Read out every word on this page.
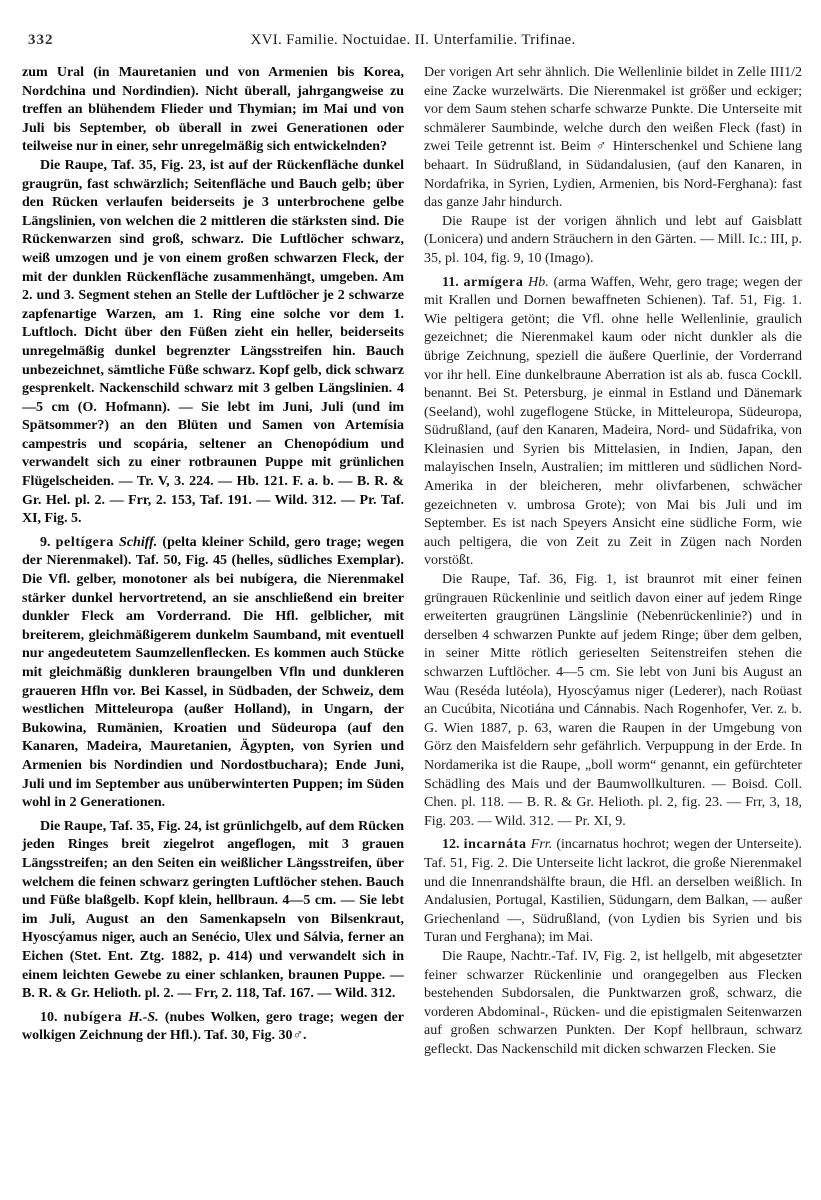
332	XVI. Familie. Noctuidae. II. Unterfamilie. Trifinae.

zum Ural (in Mauretanien und von Armenien bis Korea, Nordchina und Nordindien). Nicht überall, jahrgangweise zu treffen an blühendem Flieder und Thymian; im Mai und von Juli bis September, ob überall in zwei Generationen oder teilweise nur in einer, sehr unregelmäßig sich entwickelnden?

Die Raupe, Taf. 35, Fig. 23, ist auf der Rückenfläche dunkel graugrün, fast schwärzlich; Seitenfläche und Bauch gelb; über den Rücken verlaufen beiderseits je 3 unterbrochene gelbe Längslinien, von welchen die 2 mittleren die stärksten sind. Die Rückenwarzen sind groß, schwarz. Die Luftlöcher schwarz, weiß umzogen und je von einem großen schwarzen Fleck, der mit der dunklen Rückenfläche zusammenhängt, umgeben. Am 2. und 3. Segment stehen an Stelle der Luftlöcher je 2 schwarze zapfenartige Warzen, am 1. Ring eine solche vor dem 1. Luftloch. Dicht über den Füßen zieht ein heller, beiderseits unregelmäßig dunkel begrenzter Längsstreifen hin. Bauch unbezeichnet, sämtliche Füße schwarz. Kopf gelb, dick schwarz gesprenkelt. Nackenschild schwarz mit 3 gelben Längslinien. 4—5 cm (O. Hofmann). — Sie lebt im Juni, Juli (und im Spätsommer?) an den Blüten und Samen von Artemísia campestris und scopária, seltener an Chenopódium und verwandelt sich zu einer rotbraunen Puppe mit grünlichen Flügelscheiden. — Tr. V, 3. 224. — Hb. 121. F. a. b. — B. R. & Gr. Hel. pl. 2. — Frr, 2. 153, Taf. 191. — Wild. 312. — Pr. Taf. XI, Fig. 5.

9. peltígera Schiff. (pelta kleiner Schild, gero trage; wegen der Nierenmakel). Taf. 50, Fig. 45 (helles, südliches Exemplar). Die Vfl. gelber, monotoner als bei nubígera, die Nierenmakel stärker dunkel hervortretend, an sie anschließend ein breiter dunkler Fleck am Vorderrand. Die Hfl. gelblicher, mit breiterem, gleichmäßigerem dunkelm Saumband, mit eventuell nur angedeutetem Saumzellenflecken. Es kommen auch Stücke mit gleichmäßig dunkleren braungelben Vfln und dunkleren graueren Hfln vor. Bei Kassel, in Südbaden, der Schweiz, dem westlichen Mitteleuropa (außer Holland), in Ungarn, der Bukowina, Rumänien, Kroatien und Südeuropa (auf den Kanaren, Madeira, Mauretanien, Ägypten, von Syrien und Armenien bis Nordindien und Nordostbuchara); Ende Juni, Juli und im September aus unüberwinterten Puppen; im Süden wohl in 2 Generationen.

Die Raupe, Taf. 35, Fig. 24, ist grünlichgelb, auf dem Rücken jeden Ringes breit ziegelrot angeflogen, mit 3 grauen Längsstreifen; an den Seiten ein weißlicher Längsstreifen, über welchem die feinen schwarz geringten Luftlöcher stehen. Bauch und Füße blaßgelb. Kopf klein, hellbraun. 4—5 cm. — Sie lebt im Juli, August an den Samenkapseln von Bilsenkraut, Hyoscýamus niger, auch an Senécio, Ulex und Sálvia, ferner an Eichen (Stet. Ent. Ztg. 1882, p. 414) und verwandelt sich in einem leichten Gewebe zu einer schlanken, braunen Puppe. — B. R. & Gr. Helioth. pl. 2. — Frr, 2. 118, Taf. 167. — Wild. 312.

10. nubígera H.-S. (nubes Wolken, gero trage; wegen der wolkigen Zeichnung der Hfl.). Taf. 30, Fig. 30♂.

Der vorigen Art sehr ähnlich. Die Wellenlinie bildet in Zelle III1/2 eine Zacke wurzelwärts. Die Nierenmakel ist größer und eckiger; vor dem Saum stehen scharfe schwarze Punkte. Die Unterseite mit schmälerer Saumbinde, welche durch den weißen Fleck (fast) in zwei Teile getrennt ist. Beim ♂ Hinterschenkel und Schiene lang behaart. In Südrußland, in Südandalusien, (auf den Kanaren, in Nordafrika, in Syrien, Lydien, Armenien, bis Nord-Ferghana): fast das ganze Jahr hindurch.

Die Raupe ist der vorigen ähnlich und lebt auf Gaisblatt (Lonicera) und andern Sträuchern in den Gärten. — Mill. Ic.: III, p. 35, pl. 104, fig. 9, 10 (Imago).

11. armígera Hb. (arma Waffen, Wehr, gero trage; wegen der mit Krallen und Dornen bewaffneten Schienen). Taf. 51, Fig. 1. Wie peltigera getönt; die Vfl. ohne helle Wellenlinie, graulich gezeichnet; die Nierenmakel kaum oder nicht dunkler als die übrige Zeichnung, speziell die äußere Querlinie, der Vorderrand vor ihr hell. Eine dunkelbraune Aberration ist als ab. fusca Cockll. benannt. Bei St. Petersburg, je einmal in Estland und Dänemark (Seeland), wohl zugeflogene Stücke, in Mitteleuropa, Südeuropa, Südrußland, (auf den Kanaren, Madeira, Nord- und Südafrika, von Kleinasien und Syrien bis Mittelasien, in Indien, Japan, den malayischen Inseln, Australien; im mittleren und südlichen Nord-Amerika in der bleicheren, mehr olivfarbenen, schwächer gezeichneten v. umbrosa Grote); von Mai bis Juli und im September. Es ist nach Speyers Ansicht eine südliche Form, wie auch peltigera, die von Zeit zu Zeit in Zügen nach Norden vorstößt.

Die Raupe, Taf. 36, Fig. 1, ist braunrot mit einer feinen grüngrauen Rückenlinie und seitlich davon einer auf jedem Ringe erweiterten graugrünen Längslinie (Nebenrückenlinie?) und in derselben 4 schwarzen Punkte auf jedem Ringe; über dem gelben, in seiner Mitte rötlich gerieselten Seitenstreifen stehen die schwarzen Luftlöcher. 4—5 cm. Sie lebt von Juni bis August an Wau (Reséda lutéola), Hyoscýamus niger (Lederer), nach Roüast an Cucúbita, Nicotiána und Cánnabis. Nach Rogenhofer, Ver. z. b. G. Wien 1887, p. 63, waren die Raupen in der Umgebung von Görz den Maisfeldern sehr gefährlich. Verpuppung in der Erde. In Nordamerika ist die Raupe, „boll worm“ genannt, ein gefürchteter Schädling des Mais und der Baumwollkulturen. — Boisd. Coll. Chen. pl. 118. — B. R. & Gr. Helioth. pl. 2, fig. 23. — Frr, 3, 18, Fig. 203. — Wild. 312. — Pr. XI, 9.

12. incarnáta Frr. (incarnatus hochrot; wegen der Unterseite). Taf. 51, Fig. 2. Die Unterseite licht lackrot, die große Nierenmakel und die Innenrandshälfte braun, die Hfl. an derselben weißlich. In Andalusien, Portugal, Kastilien, Südungarn, dem Balkan, — außer Griechenland —, Südrußland, (von Lydien bis Syrien und bis Turan und Ferghana); im Mai.

Die Raupe, Nachtr.-Taf. IV, Fig. 2, ist hellgelb, mit abgesetzter feiner schwarzer Rückenlinie und orangegelben aus Flecken bestehenden Subdorsalen, die Punktwarzen groß, schwarz, die vorderen Abdominal-, Rücken- und die epistigmalen Seitenwarzen auf großen schwarzen Punkten. Der Kopf hellbraun, schwarz gefleckt. Das Nackenschild mit dicken schwarzen Flecken. Sie
